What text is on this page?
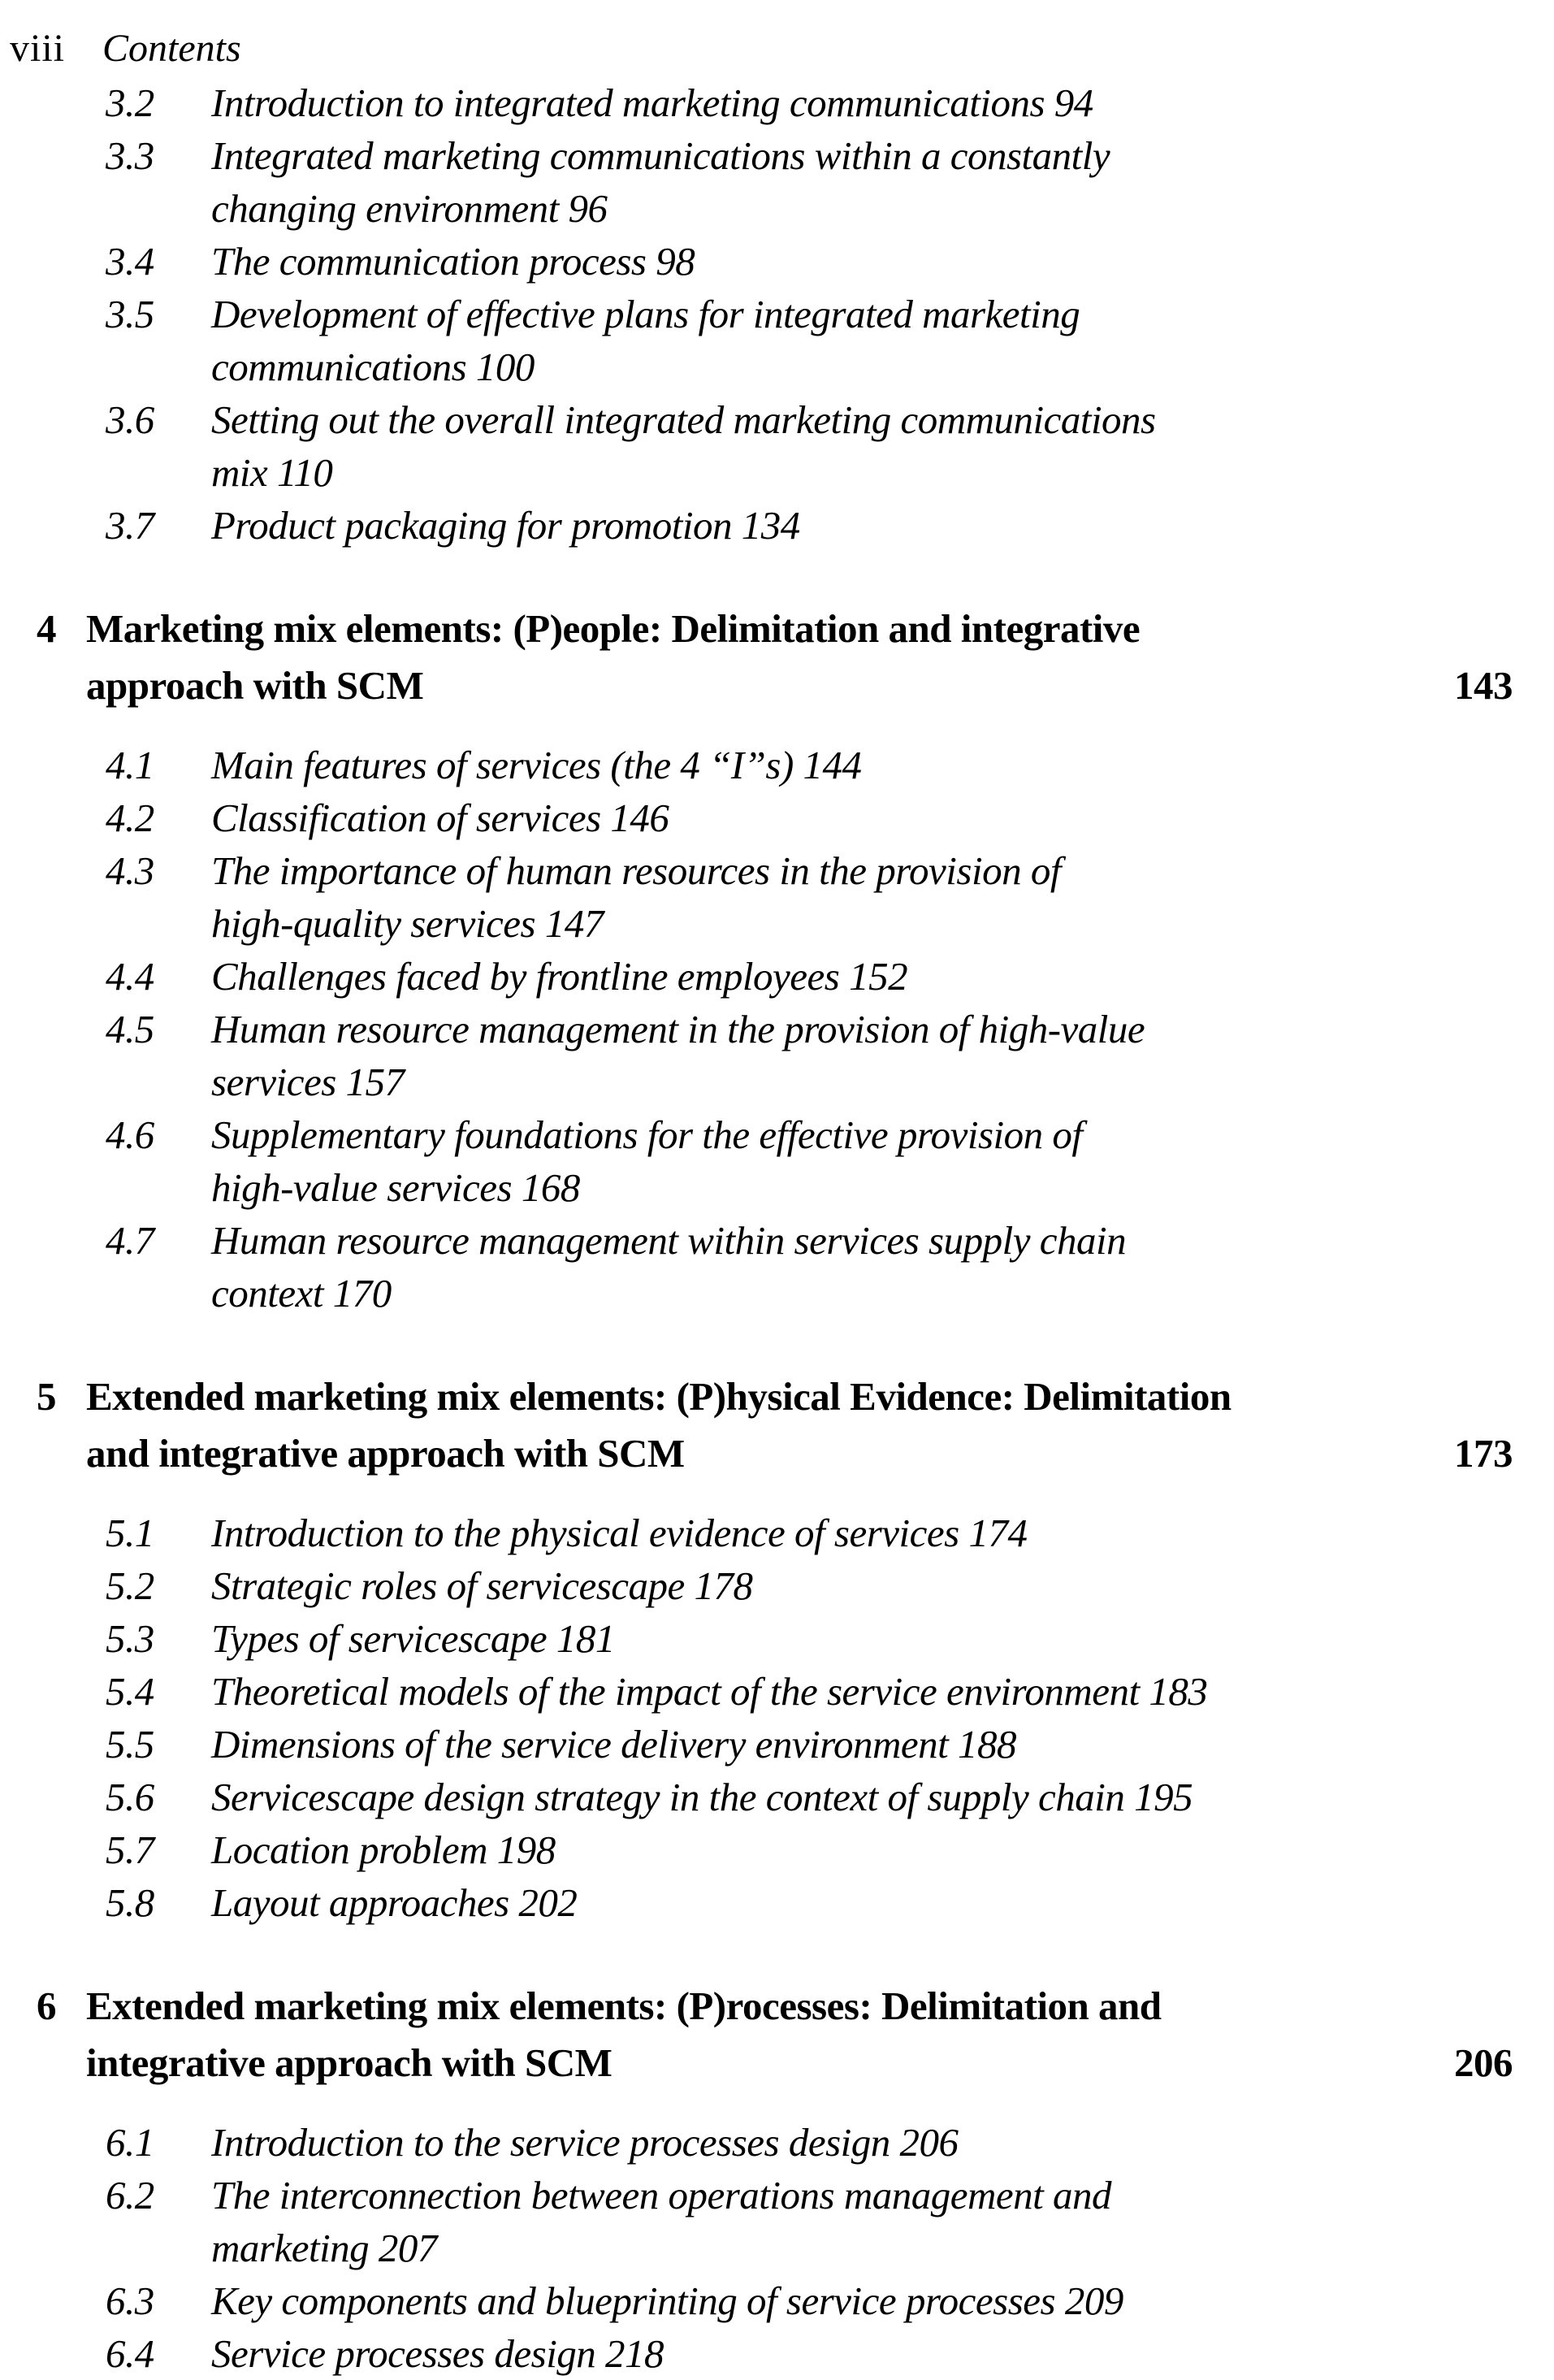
viii Contents
3.2	Introduction to integrated marketing communications 94
3.3	Integrated marketing communications within a constantly
changing environment 96
3.4	The communication process 98
3.5	Development of effective plans for integrated marketing
communications 100
3.6	Setting out the overall integrated marketing communications
mix 110
3.7	Product packaging for promotion 134
4 Marketing mix elements: (P)eople: Delimitation and integrative
approach with SCM	143
4.1	Main features of services (the 4 “I”s) 144
4.2	Classification of services 146
4.3	The importance of human resources in the provision of
high-quality services 147
4.4	Challenges faced by frontline employees 152
4.5	Human resource management in the provision of high-value
services 157
4.6	Supplementary foundations for the effective provision of
high-value services 168
4.7	Human resource management within services supply chain
context 170
5 Extended marketing mix elements: (P)hysical Evidence: Delimitation
and integrative approach with SCM	173
5.1	Introduction to the physical evidence of services 174
5.2	Strategic roles of servicescape 178
5.3	Types of servicescape 181
5.4	Theoretical models of the impact of the service environment 183
5.5	Dimensions of the service delivery environment 188
5.6	Servicescape design strategy in the context of supply chain 195
5.7	Location problem 198
5.8	Layout approaches 202
6 Extended marketing mix elements: (P)rocesses: Delimitation and
integrative approach with SCM	206
6.1	Introduction to the service processes design 206
6.2	The interconnection between operations management and
marketing 207
6.3	Key components and blueprinting of service processes 209
6.4	Service processes design 218
